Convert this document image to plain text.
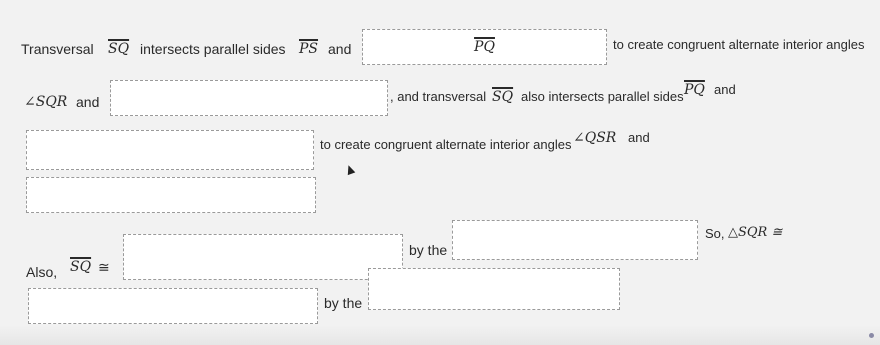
Transversal $\overline{SQ}$ intersects parallel sides $\overline{PS}$ and	$\overline{PQ}$	to create congruent alternate interior angles
∠SQR and	, and transversal $\overline{SQ}$ also intersects parallel sides $\overline{PQ}$ and
to create congruent alternate interior angles ∠QSR and
by the
So, △SQR ≅
Also, $\overline{SQ}$ ≅
by the
